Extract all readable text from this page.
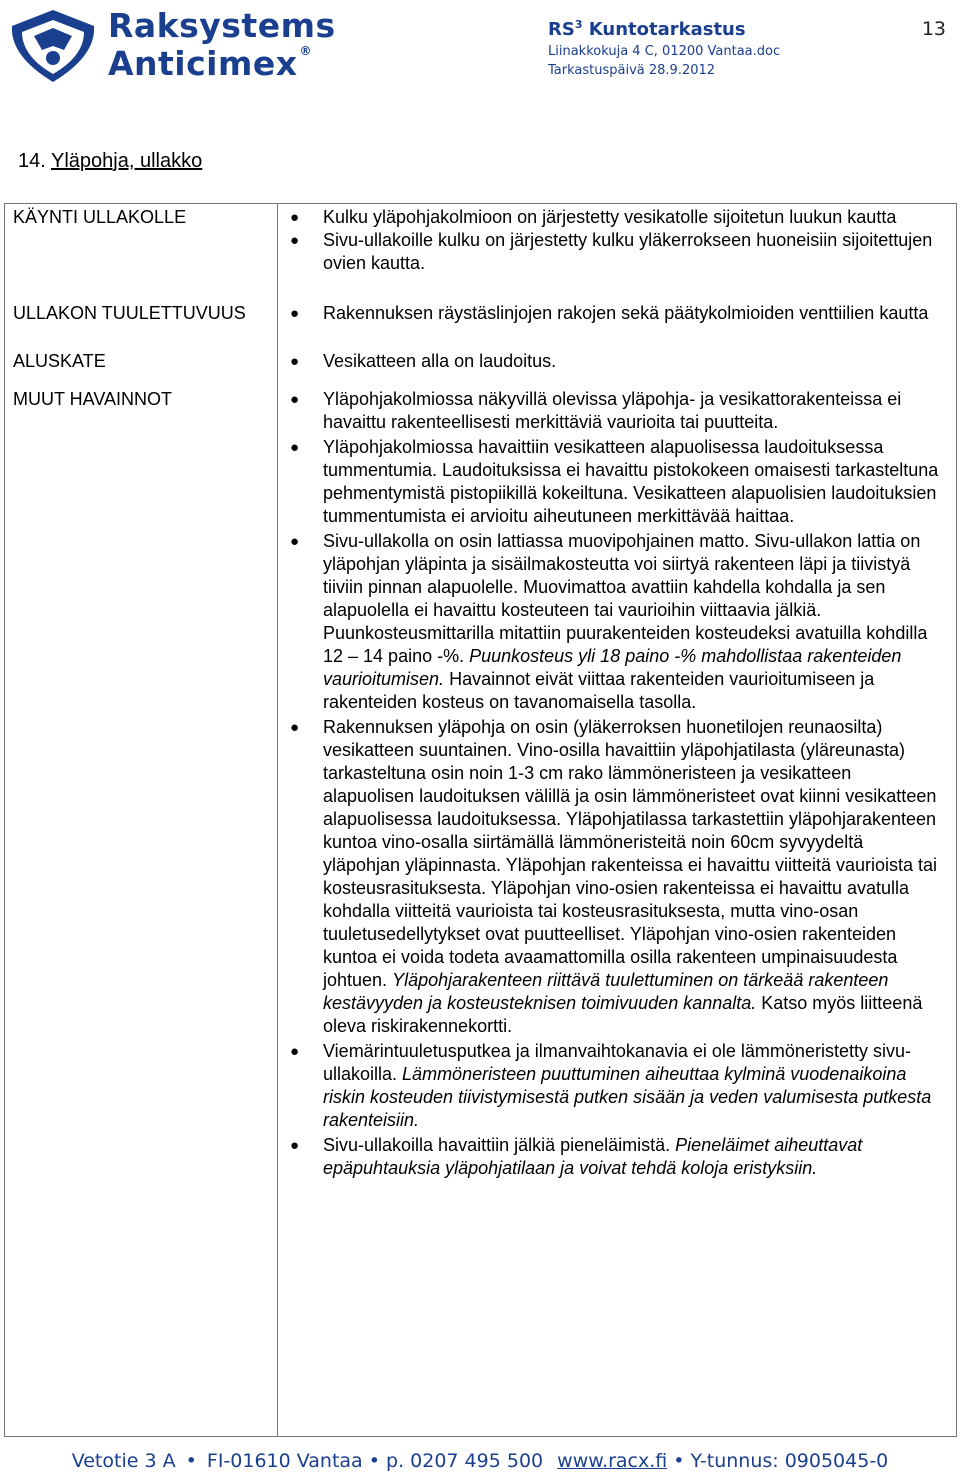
Raksystems
Anticimex ®
$RS^3$ Kuntotarkastus
Liinakkokuja 4 C, 01200 Vantaa.doc
Tarkastuspäivä 28.9.2012
13
14. Yläpohja, ullakko
KÄYNTI ULLAKOLLE	● Kulku yläpohjakolmioon on järjestetty vesikatolle sijoitetun luukun kautta

● Sivu-ullakoille kulku on järjestetty kulku yläkerrokseen huoneisiin sijoitettujen ovien kautta.

ULLAKON TUULETTUVUUS	● Rakennuksen räystäslinjojen rakojen sekä päätykolmioiden venttiilien kautta

ALUSKATE	● Vesikatteen alla on laudoitus.

MUUT HAVAINNOT	● Yläpohjakolmiossa näkyvillä olevissa yläpohja- ja vesikattorakenteissa ei havaittu rakenteellisesti merkittäviä vaurioita tai puutteita.

● Yläpohjakolmiossa havaittiin vesikatteen alapuolisessa laudoituksessa tummentumia. Laudoituksissa ei havaittu pistokokeen omaisesti tarkasteltuna pehmentymistä pistopiikillä kokeiltuna. Vesikatteen alapuolisien laudoituksien tummentumista ei arvioitu aiheutuneen merkittävää haittaa.

● Sivu-ullakolla on osin lattiassa muovipohjainen matto. Sivu-ullakon lattia on yläpohjan yläpinta ja sisäilmakosteutta voi siirtyä rakenteen läpi ja tiivistyä tiiviin pinnan alapuolelle. Muovimattoa avattiin kahdella kohdalla ja sen alapuolella ei havaittu kosteuteen tai vaurioihin viittaavia jälkiä. Puunkosteusmittarilla mitattiin puurakenteiden kosteudeksi avatuilla kohdilla 12 – 14 paino -%. Puunkosteus yli 18 paino -% mahdollistaa rakenteiden vaurioitumisen. Havainnot eivät viittaa rakenteiden vaurioitumiseen ja rakenteiden kosteus on tavanomaisella tasolla.

● Rakennuksen yläpohja on osin (yläkerroksen huonetilojen reunaosilta) vesikatteen suuntainen. Vino-osilla havaittiin yläpohjatilasta (yläreunasta) tarkasteltuna osin noin 1-3 cm rako lämmöneristeen ja vesikatteen alapuolisen laudoituksen välillä ja osin lämmöneristeet ovat kiinni vesikatteen alapuolisessa laudoituksessa. Yläpohjatilassa tarkastettiin yläpohjarakenteen kuntoa vino-osalla siirtämällä lämmöneristeitä noin 60cm syvyydeltä yläpohjan yläpinnasta. Yläpohjan rakenteissa ei havaittu viitteitä vaurioista tai kosteusrasituksesta. Yläpohjan vino-osien rakenteissa ei havaittu avatulla kohdalla viitteitä vaurioista tai kosteusrasituksesta, mutta vino-osan tuuletusedellytykset ovat puutteelliset. Yläpohjan vino-osien rakenteiden kuntoa ei voida todeta avaamattomilla osilla rakenteen umpinaisuudesta johtuen. Yläpohjarakenteen riittävä tuulettuminen on tärkeää rakenteen kestävyyden ja kosteusteknisen toimivuuden kannalta. Katso myös liitteenä oleva riskirakennekortti.

● Viemärintuuletusputkea ja ilmanvaihtokanavia ei ole lämmöneristetty sivu-ullakoilla. Lämmöneristeen puuttuminen aiheuttaa kylminä vuodenaikoina riskin kosteuden tiivistymisestä putken sisään ja veden valumisesta putkesta rakenteisiin.

● Sivu-ullakoilla havaittiin jälkiä pieneläimistä. Pieneläimet aiheuttavat epäpuhtauksia yläpohjatilaan ja voivat tehdä koloja eristyksiin.

Vetotie 3 A • FI-01610 Vantaa • p. 0207 495 500 www.racx.fi • Y-tunnus: 0905045-0
